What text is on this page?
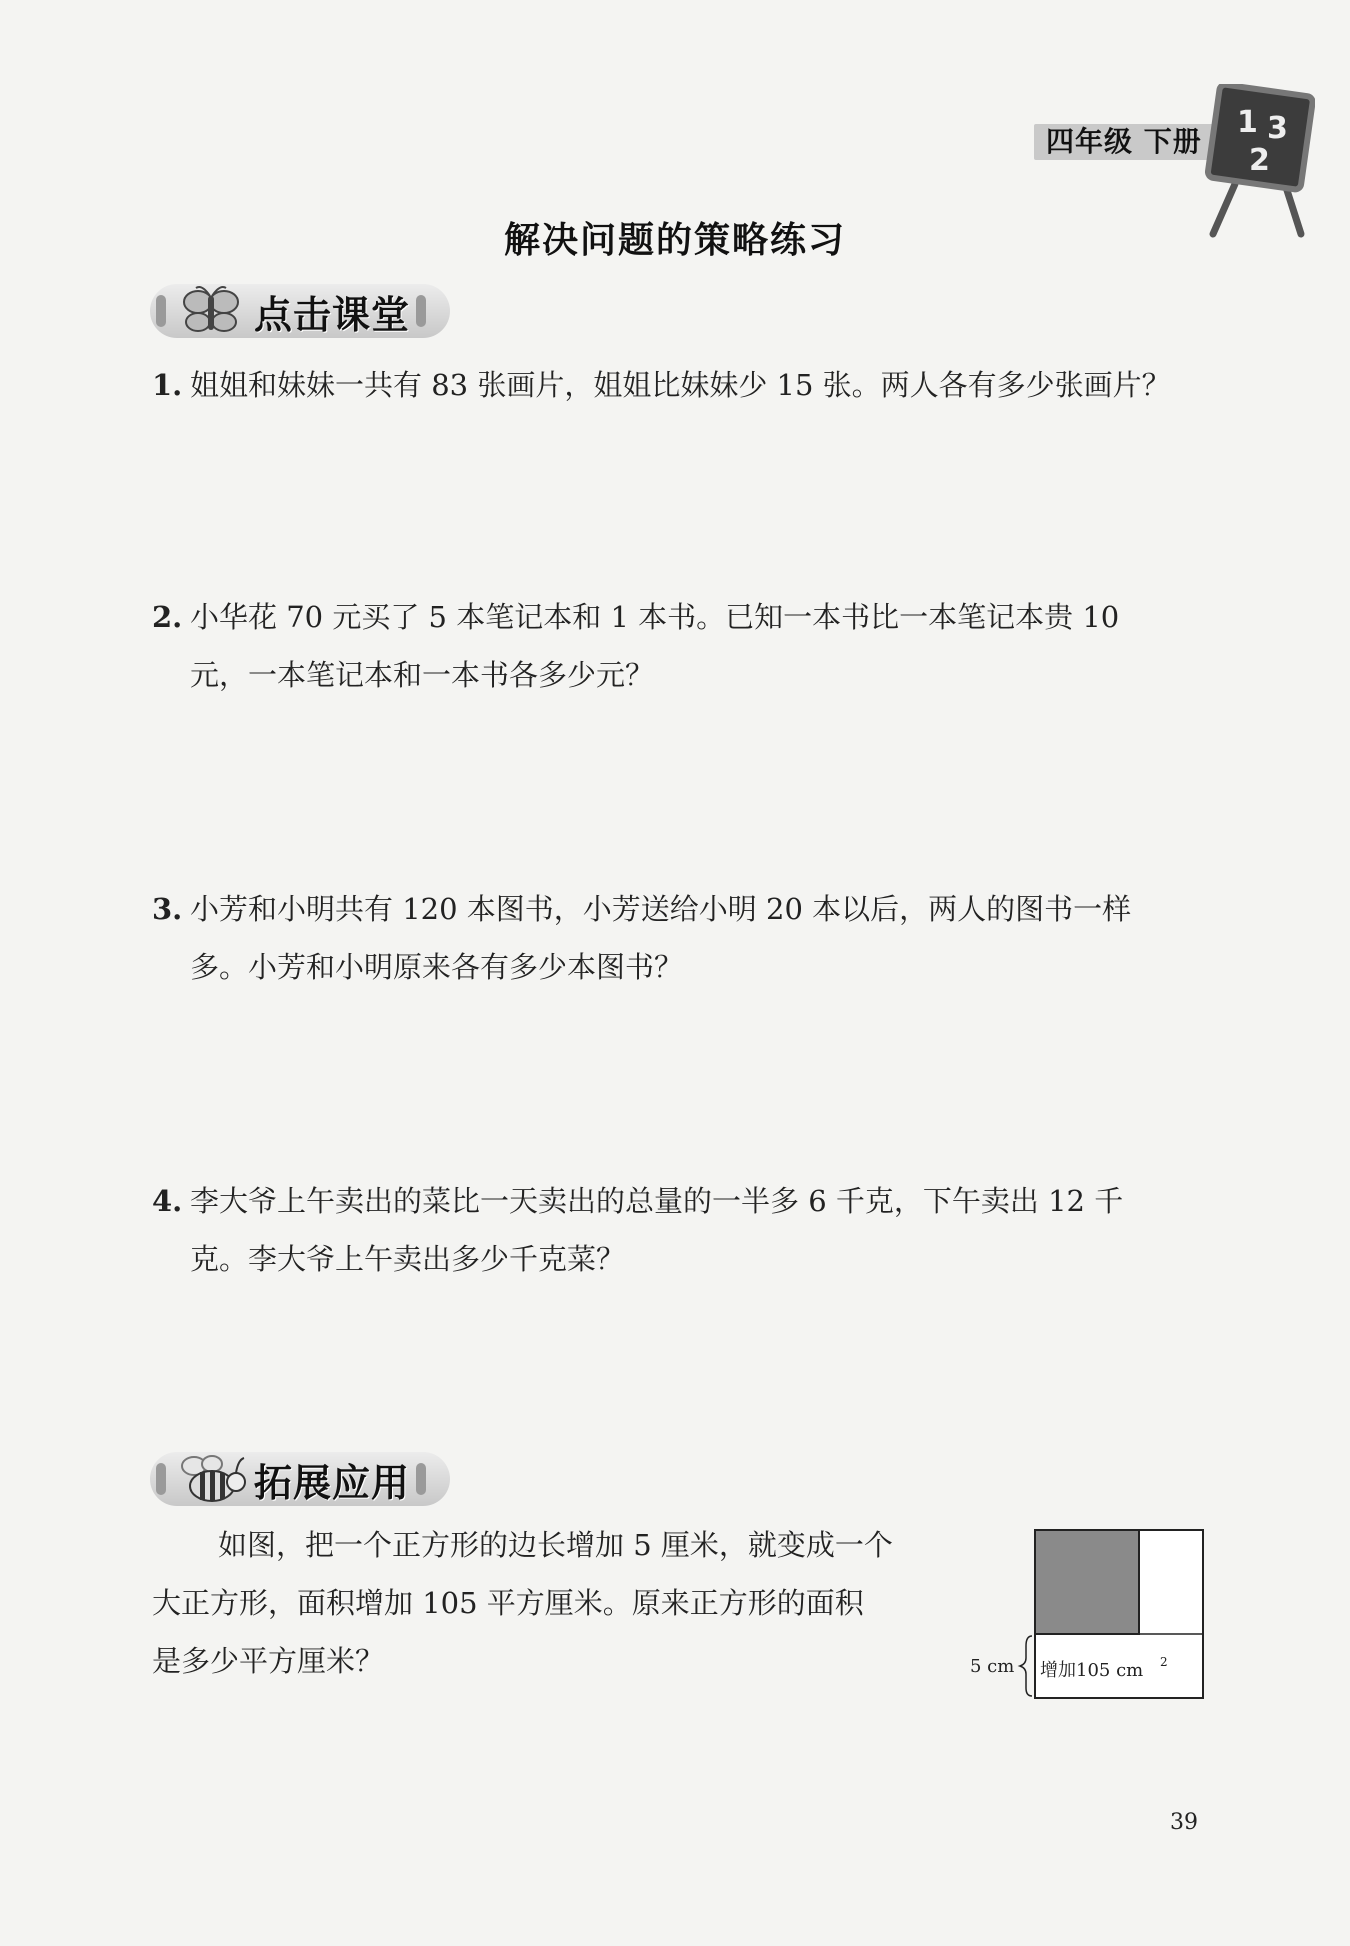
四年级 下册
1 3
2
解决问题的策略练习
点击课堂
1. 姐姐和妹妹一共有 83 张画片，姐姐比妹妹少 15 张。两人各有多少张画片？
2. 小华花 70 元买了 5 本笔记本和 1 本书。已知一本书比一本笔记本贵 10
元，一本笔记本和一本书各多少元？
3. 小芳和小明共有 120 本图书，小芳送给小明 20 本以后，两人的图书一样
多。小芳和小明原来各有多少本图书？
4. 李大爷上午卖出的菜比一天卖出的总量的一半多 6 千克，下午卖出 12 千
克。李大爷上午卖出多少千克菜？
拓展应用
如图，把一个正方形的边长增加 5 厘米，就变成一个
大正方形，面积增加 105 平方厘米。原来正方形的面积
是多少平方厘米？	5 cm 增加105 cm 2
39
